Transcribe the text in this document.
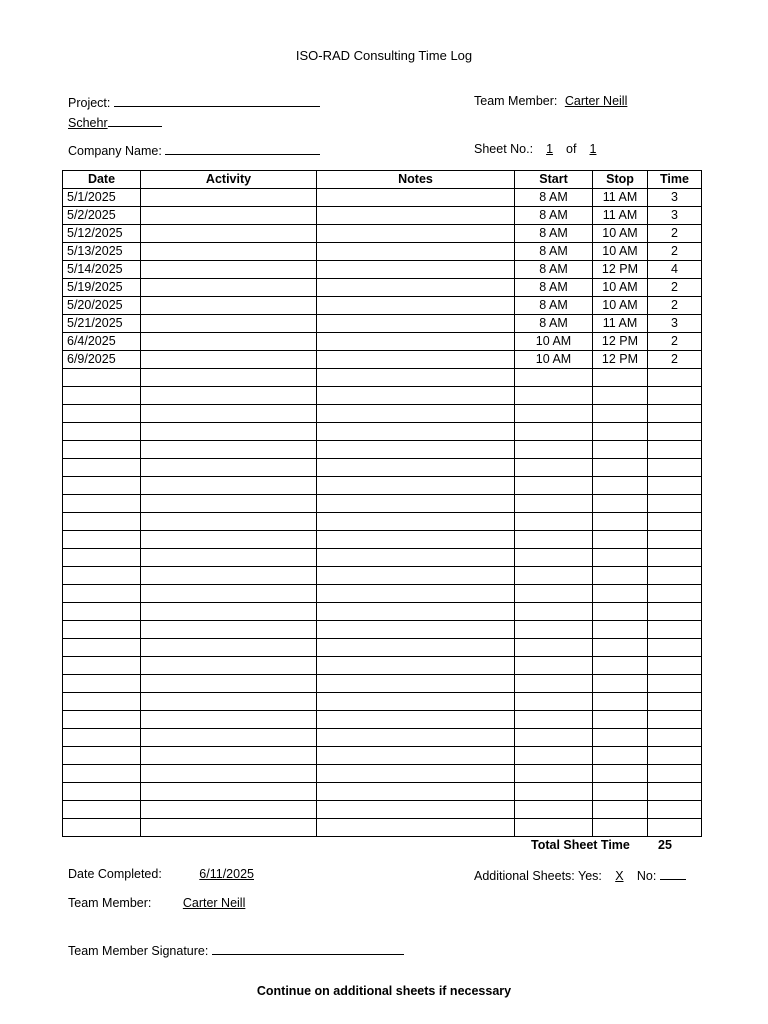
ISO-RAD Consulting Time Log
Project:
Schehr
Team Member: Carter Neill
Company Name:	Sheet No.: 1 of 1
Date	Activity	Notes	Start	Stop	Time
5/1/2025			8 AM	11 AM	3
5/2/2025			8 AM	11 AM	3
5/12/2025			8 AM	10 AM	2
5/13/2025			8 AM	10 AM	2
5/14/2025			8 AM	12 PM	4
5/19/2025			8 AM	10 AM	2
5/20/2025			8 AM	10 AM	2
5/21/2025			8 AM	11 AM	3
6/4/2025			10 AM	12 PM	2
6/9/2025			10 AM	12 PM	2

Total Sheet Time 25
Date Completed:	6/11/2025	Additional Sheets: Yes: X No:
Team Member:	Carter Neill
Team Member Signature:
Continue on additional sheets if necessary
